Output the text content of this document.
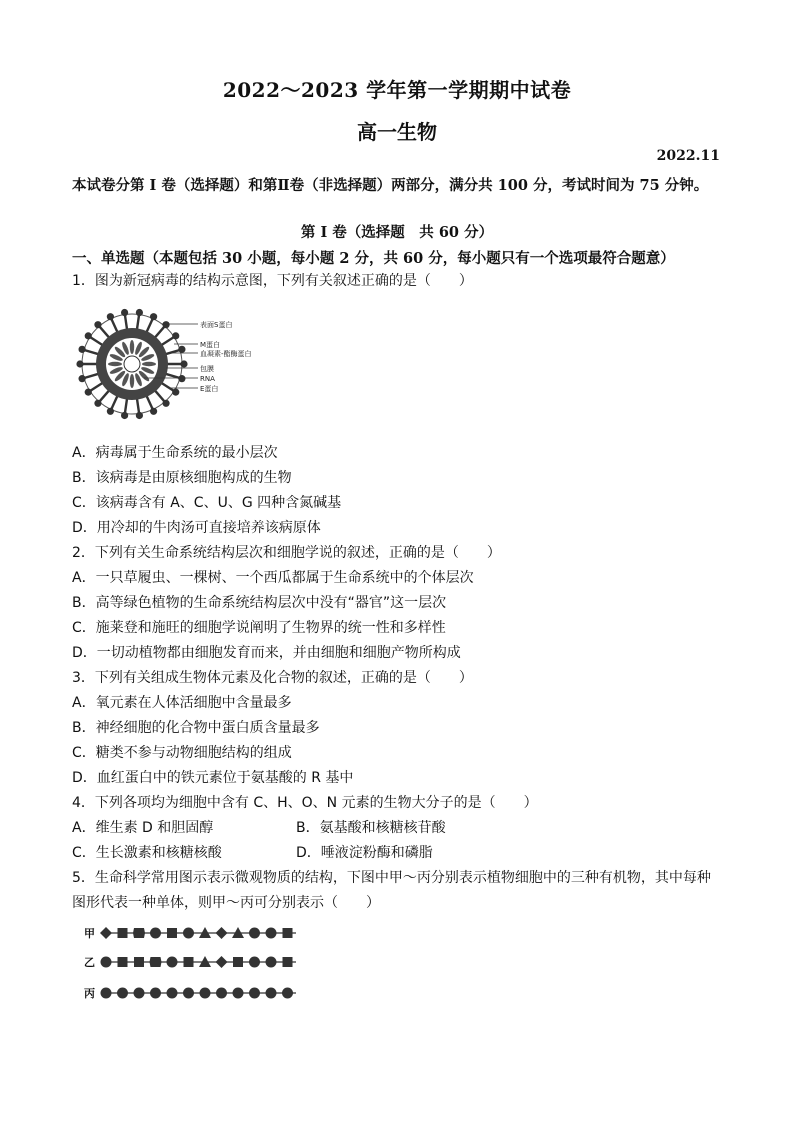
2022～2023 学年第一学期期中试卷
高一生物
2022.11
本试卷分第 I 卷（选择题）和第Ⅱ卷（非选择题）两部分，满分共 100 分，考试时间为 75 分钟。
第 I 卷（选择题　共 60 分）
一、单选题（本题包括 30 小题，每小题 2 分，共 60 分，每小题只有一个选项最符合题意）
1．图为新冠病毒的结构示意图，下列有关叙述正确的是（　　）
表面S蛋白
M蛋白
血凝素-酯酶蛋白
包膜
RNA
E蛋白
A．病毒属于生命系统的最小层次
B．该病毒是由原核细胞构成的生物
C．该病毒含有 A、C、U、G 四种含氮碱基
D．用冷却的牛肉汤可直接培养该病原体
2．下列有关生命系统结构层次和细胞学说的叙述，正确的是（　　）
A．一只草履虫、一棵树、一个西瓜都属于生命系统中的个体层次
B．高等绿色植物的生命系统结构层次中没有“器官”这一层次
C．施莱登和施旺的细胞学说阐明了生物界的统一性和多样性
D．一切动植物都由细胞发育而来，并由细胞和细胞产物所构成
3．下列有关组成生物体元素及化合物的叙述，正确的是（　　）
A．氧元素在人体活细胞中含量最多
B．神经细胞的化合物中蛋白质含量最多
C．糖类不参与动物细胞结构的组成
D．血红蛋白中的铁元素位于氨基酸的 R 基中
4．下列各项均为细胞中含有 C、H、O、N 元素的生物大分子的是（　　）
A．维生素 D 和胆固醇	B．氨基酸和核糖核苷酸
C．生长激素和核糖核酸	D．唾液淀粉酶和磷脂
5．生命科学常用图示表示微观物质的结构，下图中甲～丙分别表示植物细胞中的三种有机物，其中每种
图形代表一种单体，则甲～丙可分别表示（　　）
甲
乙
丙
